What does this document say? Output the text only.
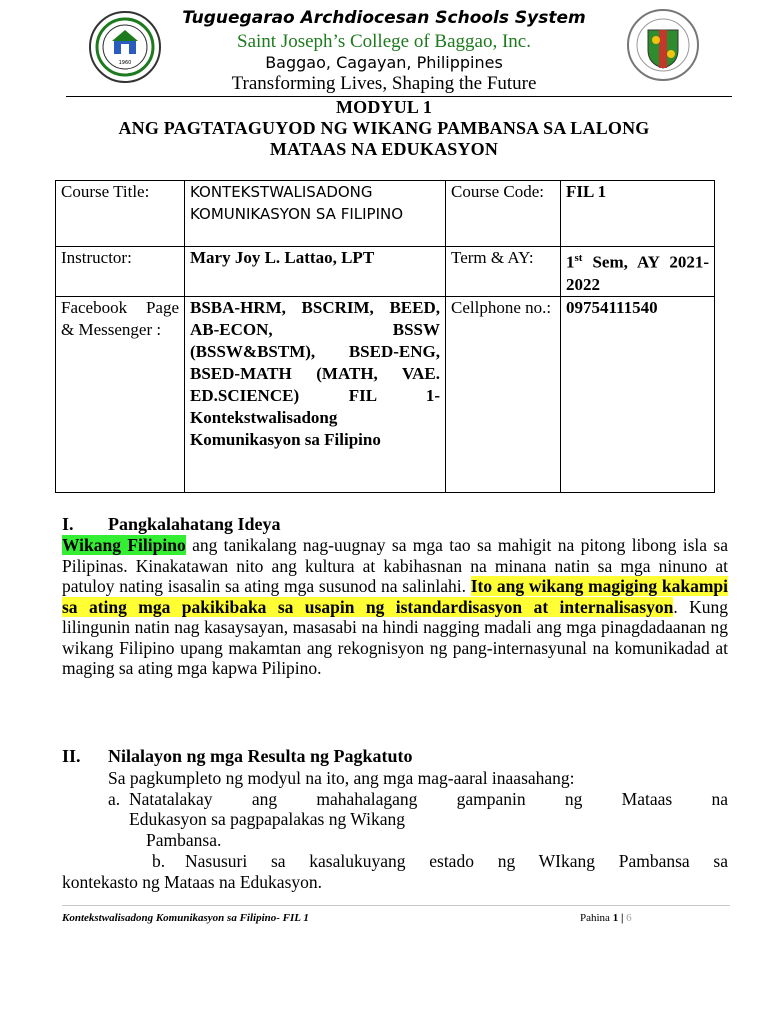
1960
Tuguegarao Archdiocesan Schools System
Saint Joseph’s College of Baggao, Inc.
Baggao, Cagayan, Philippines
Transforming Lives, Shaping the Future
MODYUL 1
ANG PAGTATAGUYOD NG WIKANG PAMBANSA SA LALONG
MATAAS NA EDUKASYON
Course Title:	KONTEKSTWALISADONG KOMUNIKASYON SA FILIPINO	Course Code:	FIL 1
Instructor:	Mary Joy L. Lattao, LPT	Term & AY:	1st Sem, AY 2021-2022
Facebook Page & Messenger :	BSBA-HRM, BSCRIM, BEED, AB-ECON, BSSW (BSSW&BSTM), BSED-ENG, BSED-MATH (MATH, VAE. ED.SCIENCE) FIL 1- Kontekstwalisadong Komunikasyon sa Filipino	Cellphone no.:	09754111540
I. Pangkalahatang Ideya
Wikang Filipino ang tanikalang nag-uugnay sa mga tao sa mahigit na pitong libong isla sa Pilipinas. Kinakatawan nito ang kultura at kabihasnan na minana natin sa mga ninuno at patuloy nating isasalin sa ating mga susunod na salinlahi. Ito ang wikang magiging kakampi sa ating mga pakikibaka sa usapin ng istandardisasyon at internalisasyon. Kung lilingunin natin nag kasaysayan, masasabi na hindi nagging madali ang mga pinagdadaanan ng wikang Filipino upang makamtan ang rekognisyon ng pang-internasyunal na komunikadad at maging sa ating mga kapwa Pilipino.
II. Nilalayon ng mga Resulta ng Pagkatuto
Sa pagkumpleto ng modyul na ito, ang mga mag-aaral inaasahang:
a. Natatalakay ang mahahalagang gampanin ng Mataas na
Edukasyon sa pagpapalakas ng Wikang
Pambansa.
b. Nasusuri sa kasalukuyang estado ng WIkang Pambansa sa
kontekasto ng Mataas na Edukasyon.
Kontekstwalisadong Komunikasyon sa Filipino- FIL 1	Pahina 1 | 6
